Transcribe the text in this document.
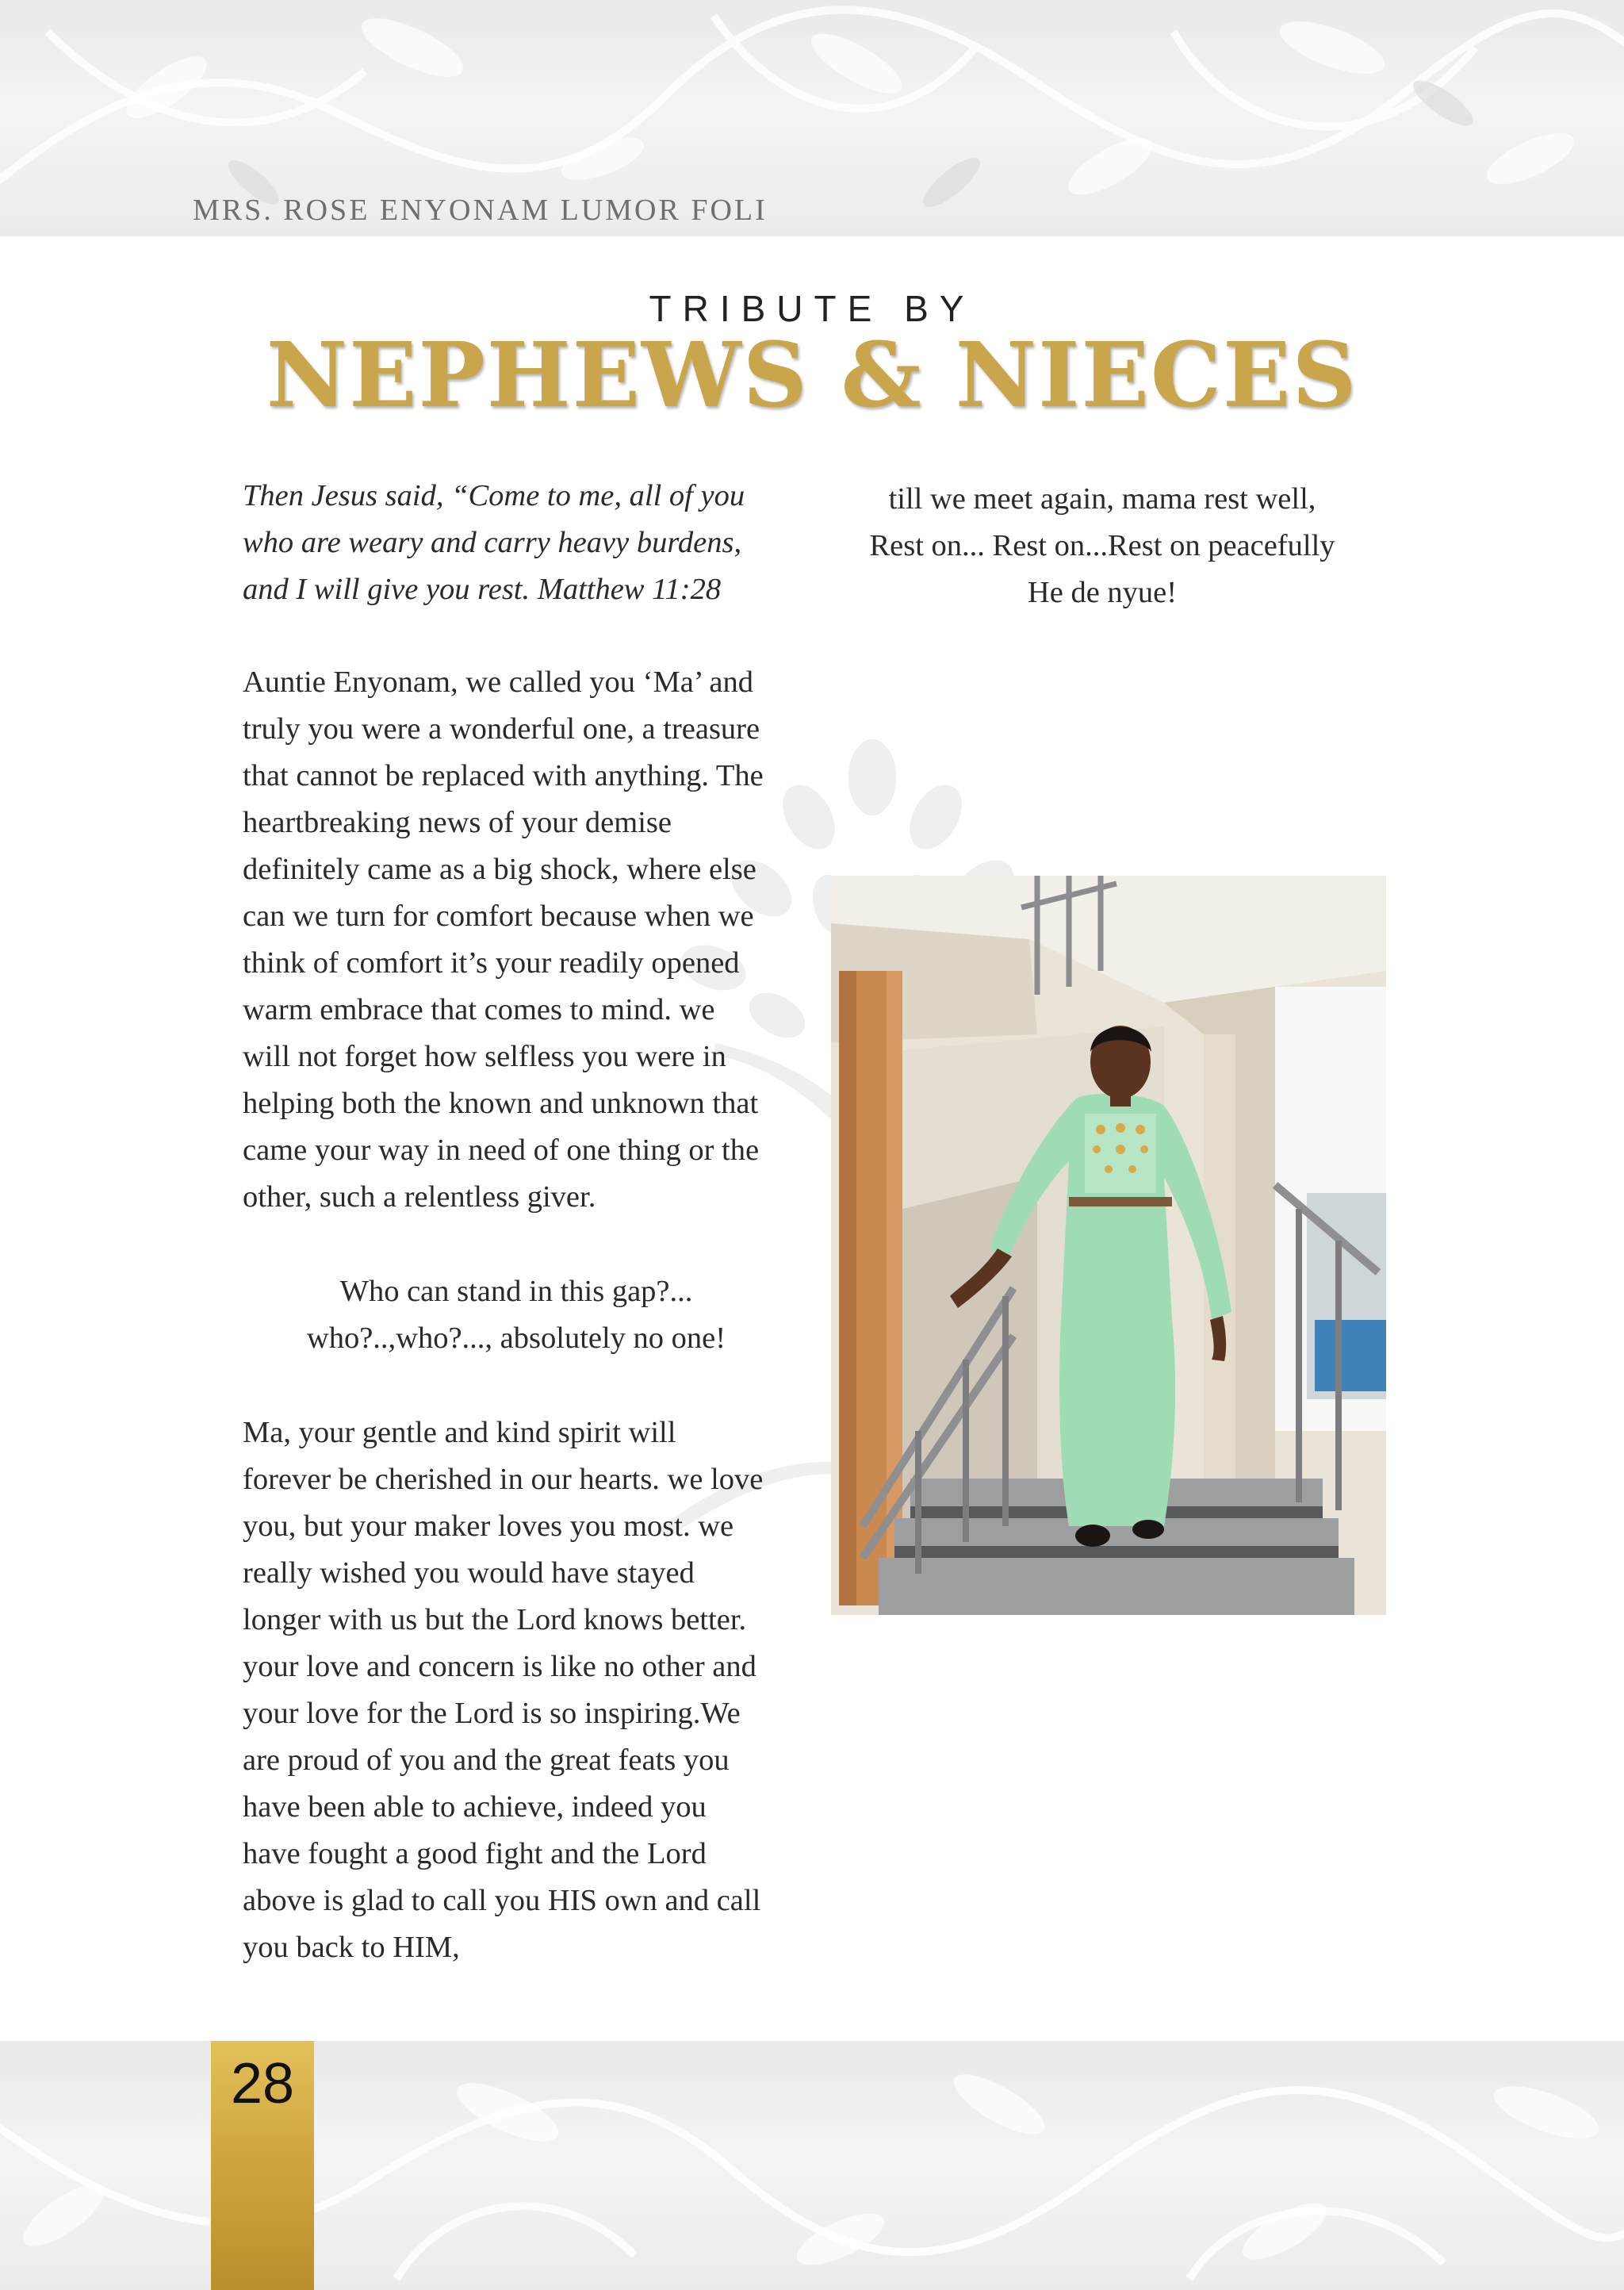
MRS. ROSE ENYONAM LUMOR FOLI
TRIBUTE BY
NEPHEWS & NIECES

Then Jesus said, “Come to me, all of you
who are weary and carry heavy burdens,
and I will give you rest. Matthew 11:28

Auntie Enyonam, we called you ‘Ma’ and
truly you were a wonderful one, a treasure
that cannot be replaced with anything. The
heartbreaking news of your demise
definitely came as a big shock, where else
can we turn for comfort because when we
think of comfort it’s your readily opened
warm embrace that comes to mind. we
will not forget how selfless you were in
helping both the known and unknown that
came your way in need of one thing or the
other, such a relentless giver.

Who can stand in this gap?...
who?..,who?..., absolutely no one!

Ma, your gentle and kind spirit will
forever be cherished in our hearts. we love
you, but your maker loves you most. we
really wished you would have stayed
longer with us but the Lord knows better.
your love and concern is like no other and
your love for the Lord is so inspiring.We
are proud of you and the great feats you
have been able to achieve, indeed you
have fought a good fight and the Lord
above is glad to call you HIS own and call
you back to HIM,

till we meet again, mama rest well,
Rest on... Rest on...Rest on peacefully
He de nyue!
28
